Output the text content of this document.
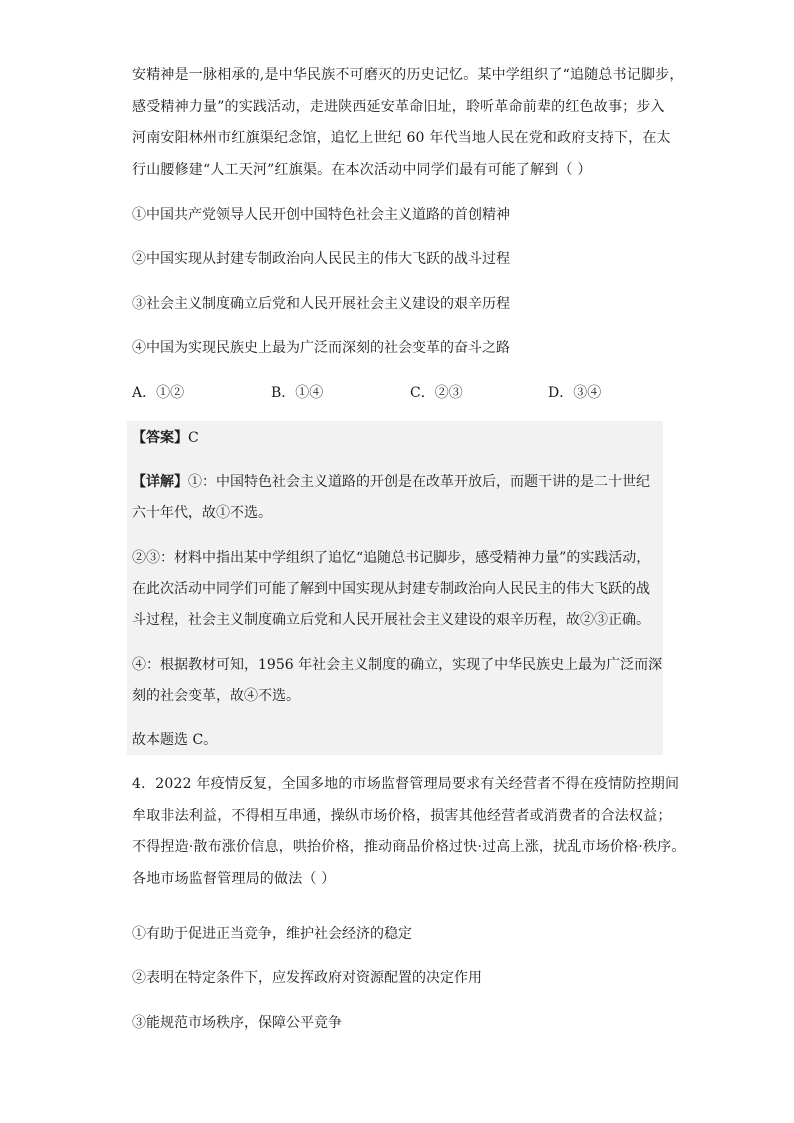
安精神是一脉相承的,是中华民族不可磨灭的历史记忆。某中学组织了“追随总书记脚步，
感受精神力量”的实践活动，走进陕西延安革命旧址，聆听革命前辈的红色故事；步入
河南安阳林州市红旗渠纪念馆，追忆上世纪 60 年代当地人民在党和政府支持下，在太
行山腰修建“人工天河”红旗渠。在本次活动中同学们最有可能了解到（ ）
①中国共产党领导人民开创中国特色社会主义道路的首创精神
②中国实现从封建专制政治向人民民主的伟大飞跃的战斗过程
③社会主义制度确立后党和人民开展社会主义建设的艰辛历程
④中国为实现民族史上最为广泛而深刻的社会变革的奋斗之路
A．①②	B．①④	C．②③	D．③④
【答案】C
【详解】①：中国特色社会主义道路的开创是在改革开放后，而题干讲的是二十世纪
六十年代，故①不选。
②③：材料中指出某中学组织了追忆“追随总书记脚步，感受精神力量”的实践活动，
在此次活动中同学们可能了解到中国实现从封建专制政治向人民民主的伟大飞跃的战
斗过程，社会主义制度确立后党和人民开展社会主义建设的艰辛历程，故②③正确。
④：根据教材可知，1956 年社会主义制度的确立，实现了中华民族史上最为广泛而深
刻的社会变革，故④不选。
故本题选 C。
4．2022 年疫情反复，全国多地的市场监督管理局要求有关经营者不得在疫情防控期间
牟取非法利益，不得相互串通，操纵市场价格，损害其他经营者或消费者的合法权益；
不得捏造·散布涨价信息，哄抬价格，推动商品价格过快·过高上涨，扰乱市场价格·秩序。
各地市场监督管理局的做法（ ）
①有助于促进正当竞争，维护社会经济的稳定
②表明在特定条件下，应发挥政府对资源配置的决定作用
③能规范市场秩序，保障公平竞争
